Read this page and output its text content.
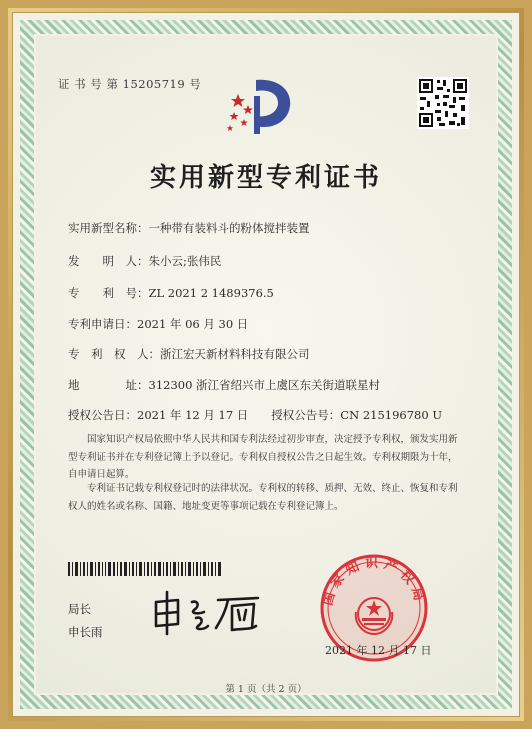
证 书 号 第 15205719 号
实用新型专利证书
实用新型名称：一种带有装料斗的粉体搅拌装置
发　　明　人：朱小云;张伟民
专　　利　号：ZL 2021 2 1489376.5
专利申请日：2021 年 06 月 30 日
专　利　权　人：浙江宏天新材料科技有限公司
地　　　　址：312300 浙江省绍兴市上虞区东关街道联星村
授权公告日：2021 年 12 月 17 日　　授权公告号：CN 215196780 U
国家知识产权局依照中华人民共和国专利法经过初步审查，决定授予专利权，颁发实用新型专利证书并在专利登记簿上予以登记。专利权自授权公告之日起生效。专利权期限为十年，自申请日起算。
专利证书记载专利权登记时的法律状况。专利权的转移、质押、无效、终止、恢复和专利权人的姓名或名称、国籍、地址变更等事项记载在专利登记簿上。
局长
申长雨
国家知识产权局
2021 年 12 月 17 日
第 1 页（共 2 页）
